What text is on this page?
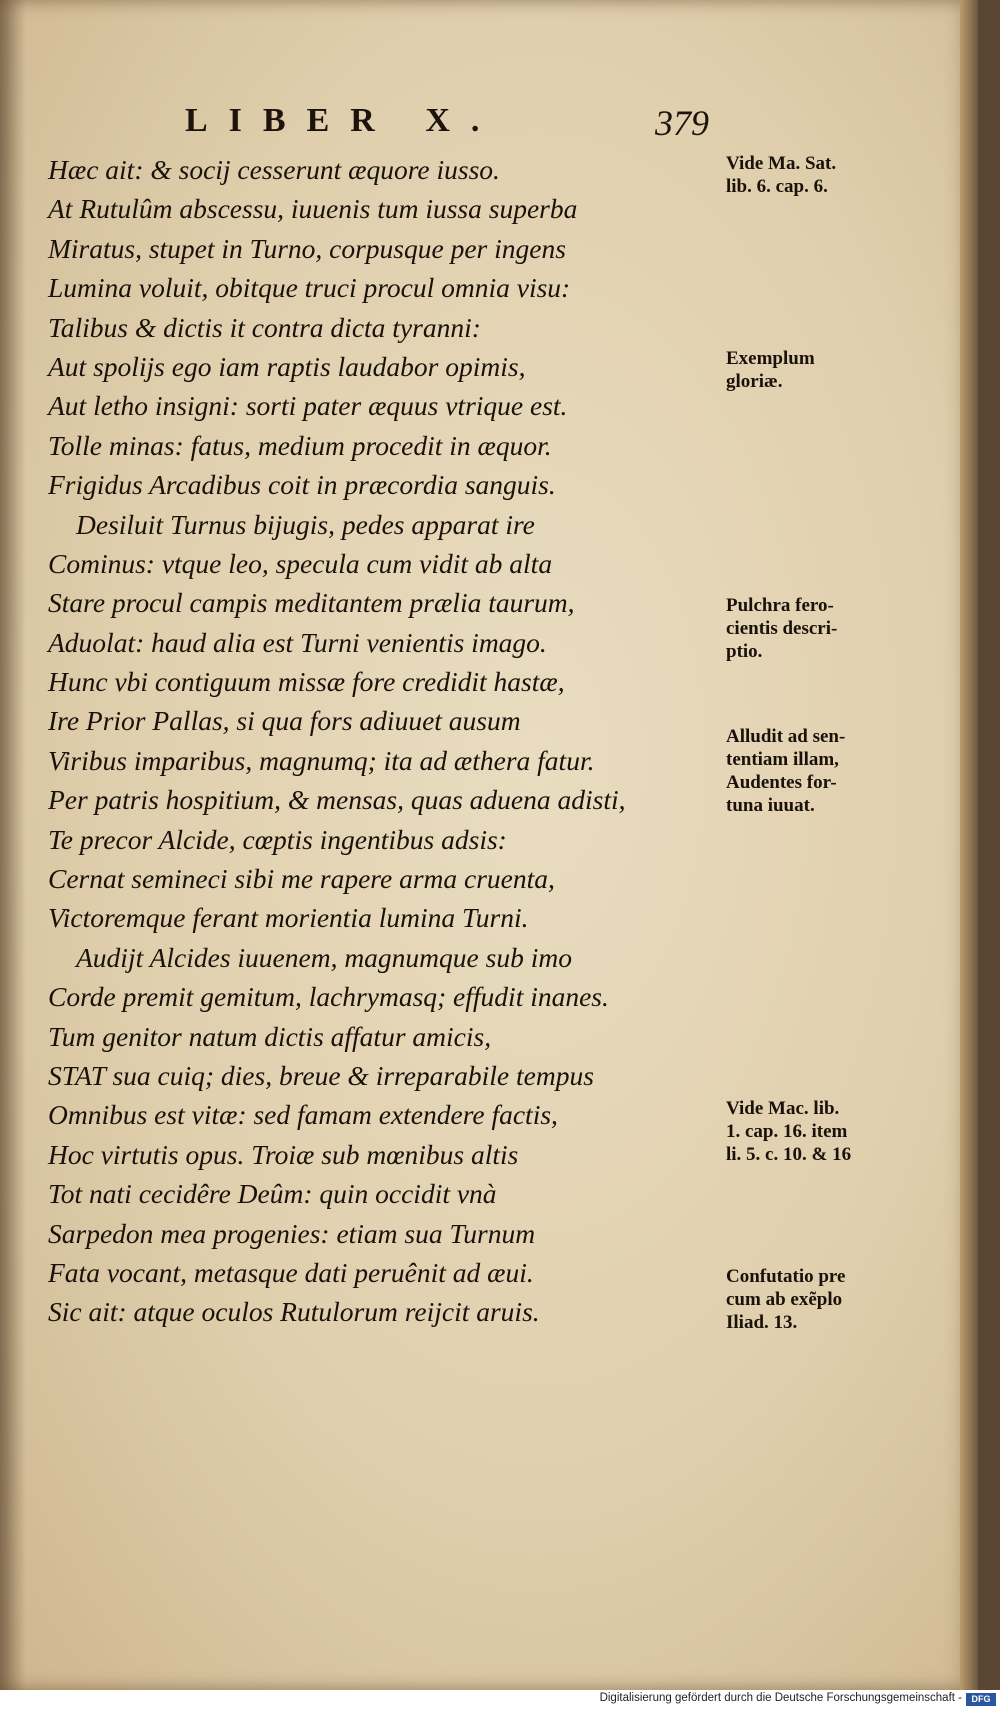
LIBER X.	379
Hæc ait: & socij cesserunt æquore iusso.
At Rutulûm abscessu, iuuenis tum iussa superba
Miratus, stupet in Turno, corpusque per ingens
Lumina voluit, obitque truci procul omnia visu:
Talibus & dictis it contra dicta tyranni:
Aut spolijs ego iam raptis laudabor opimis,
Aut letho insigni: sorti pater æquus vtrique est.
Tolle minas: fatus, medium procedit in æquor.
Frigidus Arcadibus coit in præcordia sanguis.
Desiluit Turnus bijugis, pedes apparat ire
Cominus: vtque leo, specula cum vidit ab alta
Stare procul campis meditantem prælia taurum,
Aduolat: haud alia est Turni venientis imago.
Hunc vbi contiguum missæ fore credidit hastæ,
Ire Prior Pallas, si qua fors adiuuet ausum
Viribus imparibus, magnumq; ita ad æthera fatur.
Per patris hospitium, & mensas, quas aduena adisti,
Te precor Alcide, cœptis ingentibus adsis:
Cernat semineci sibi me rapere arma cruenta,
Victoremque ferant morientia lumina Turni.
Audijt Alcides iuuenem, magnumque sub imo
Corde premit gemitum, lachrymasq; effudit inanes.
Tum genitor natum dictis affatur amicis,
STAT sua cuiq; dies, breue & irreparabile tempus
Omnibus est vitæ: sed famam extendere factis,
Hoc virtutis opus. Troiæ sub mœnibus altis
Tot nati cecidêre Deûm: quin occidit vnà
Sarpedon mea progenies: etiam sua Turnum
Fata vocant, metasque dati peruênit ad æui.
Sic ait: atque oculos Rutulorum reijcit aruis.
Vide Ma. Sat.
lib. 6. cap. 6.
Exemplum
gloriæ.
Pulchra fero-
cientis descri-
ptio.
Alludit ad sen-
tentiam illam,
Audentes for-
tuna iuuat.
Vide Mac. lib.
1. cap. 16. item
li. 5. c. 10. & 16
Confutatio pre
cum ab exẽplo
Iliad. 13.
Digitalisierung gefördert durch die Deutsche Forschungsgemeinschaft -	DFG
